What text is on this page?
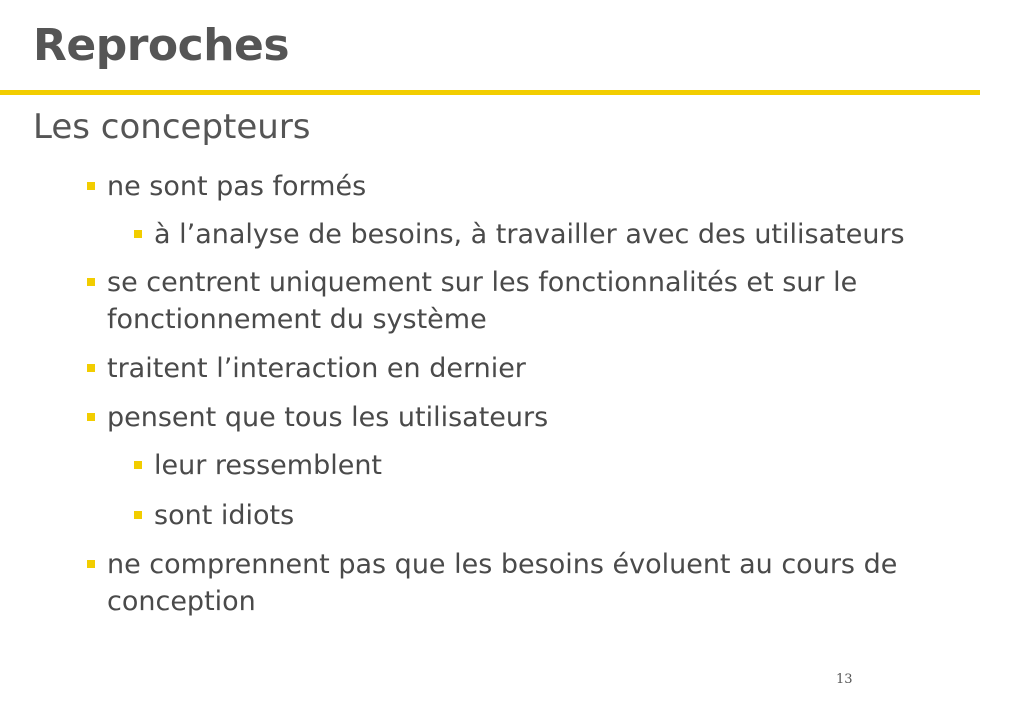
Reproches
Les concepteurs
ne sont pas formés
à l’analyse de besoins, à travailler avec des utilisateurs
se centrent uniquement sur les fonctionnalités et sur le fonctionnement du système
traitent l’interaction en dernier
pensent que tous les utilisateurs
leur ressemblent
sont idiots
ne comprennent pas que les besoins évoluent au cours de conception
13
